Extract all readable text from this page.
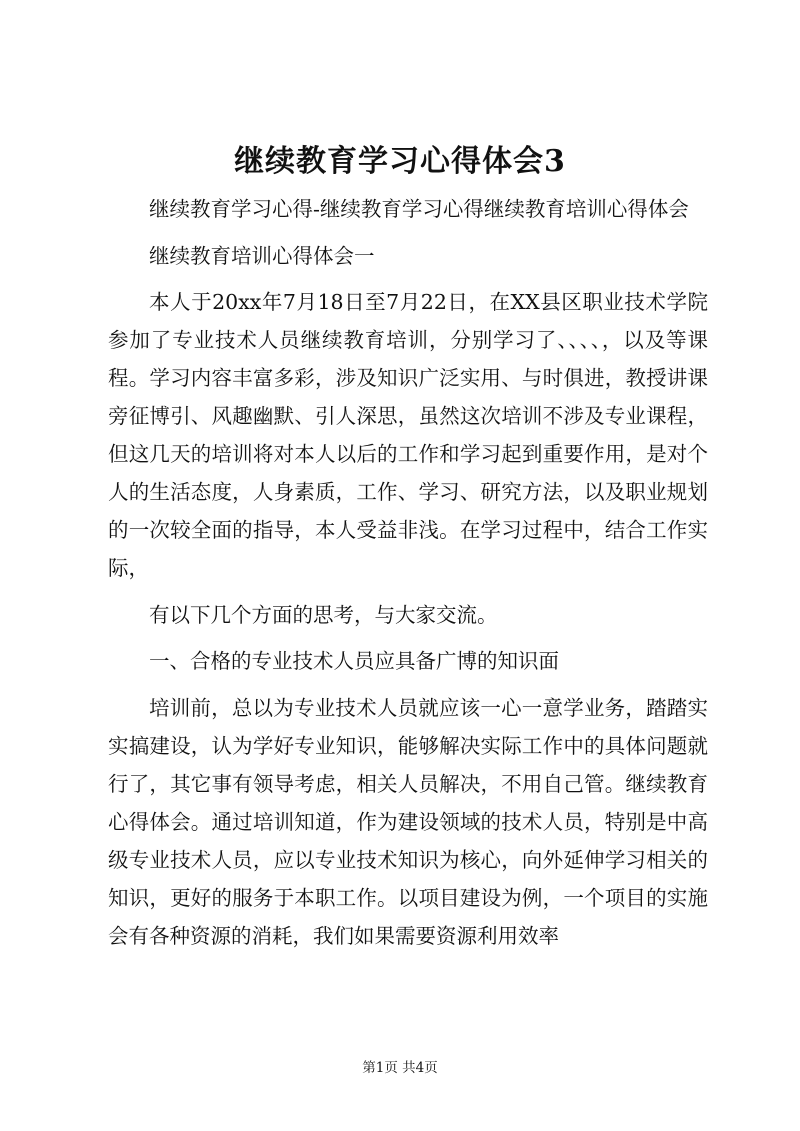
继续教育学习心得体会3

继续教育学习心得-继续教育学习心得继续教育培训心得体会

继续教育培训心得体会一

本人于20xx年7月18日至7月22日，在XX县区职业技术学院参加了专业技术人员继续教育培训，分别学习了、、、、，以及等课程。学习内容丰富多彩，涉及知识广泛实用、与时俱进，教授讲课旁征博引、风趣幽默、引人深思，虽然这次培训不涉及专业课程，但这几天的培训将对本人以后的工作和学习起到重要作用，是对个人的生活态度，人身素质，工作、学习、研究方法，以及职业规划的一次较全面的指导，本人受益非浅。在学习过程中，结合工作实际，

有以下几个方面的思考，与大家交流。

一、合格的专业技术人员应具备广博的知识面

培训前，总以为专业技术人员就应该一心一意学业务，踏踏实实搞建设，认为学好专业知识，能够解决实际工作中的具体问题就行了，其它事有领导考虑，相关人员解决，不用自己管。继续教育心得体会。通过培训知道，作为建设领域的技术人员，特别是中高级专业技术人员，应以专业技术知识为核心，向外延伸学习相关的知识，更好的服务于本职工作。以项目建设为例，一个项目的实施会有各种资源的消耗，我们如果需要资源利用效率

第1页 共4页
